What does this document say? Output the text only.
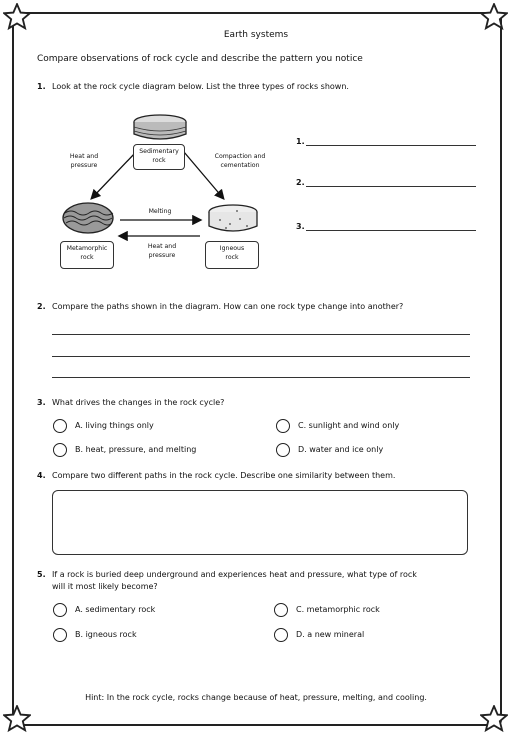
Earth systems
Compare observations of rock cycle and describe the pattern you notice
1. Look at the rock cycle diagram below. List the three types of rocks shown.
Sedimentary rock
Metamorphic rock
Igneous rock
Heat and pressure
Compaction and cementation
Melting
Heat and pressure
1.
2.
3.
2. Compare the paths shown in the diagram. How can one rock type change into another?
3. What drives the changes in the rock cycle?
A. living things only
B. heat, pressure, and melting
C. sunlight and wind only
D. water and ice only
4. Compare two different paths in the rock cycle. Describe one similarity between them.
5. If a rock is buried deep underground and experiences heat and pressure, what type of rock
will it most likely become?
A. sedimentary rock
B. igneous rock
C. metamorphic rock
D. a new mineral
Hint: In the rock cycle, rocks change because of heat, pressure, melting, and cooling.
